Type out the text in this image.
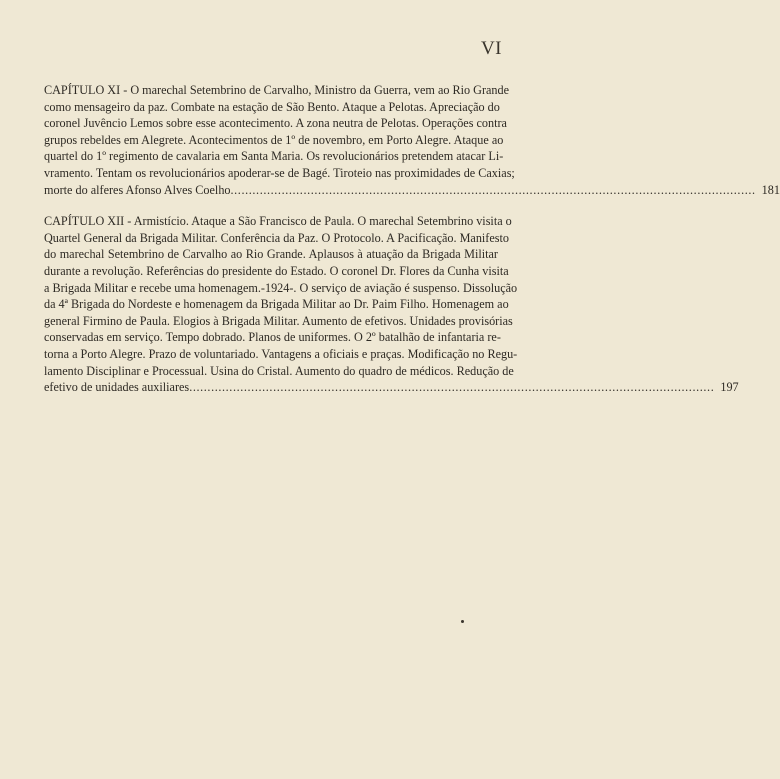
VI
CAPÍTULO XI - O marechal Setembrino de Carvalho, Ministro da Guerra, vem ao Rio Grande
como mensageiro da paz. Combate na estação de São Bento. Ataque a Pelotas. Apreciação do
coronel Juvêncio Lemos sobre esse acontecimento. A zona neutra de Pelotas. Operações contra
grupos rebeldes em Alegrete. Acontecimentos de 1º de novembro, em Porto Alegre. Ataque ao
quartel do 1º regimento de cavalaria em Santa Maria. Os revolucionários pretendem atacar Li-
vramento. Tentam os revolucionários apoderar-se de Bagé. Tiroteio nas proximidades de Caxias;
morte do alferes Afonso Alves Coelho ................................................................................................................................................ 181
CAPÍTULO XII - Armistício. Ataque a São Francisco de Paula. O marechal Setembrino visita o
Quartel General da Brigada Militar. Conferência da Paz. O Protocolo. A Pacificação. Manifesto
do marechal Setembrino de Carvalho ao Rio Grande. Aplausos à atuação da Brigada Militar
durante a revolução. Referências do presidente do Estado. O coronel Dr. Flores da Cunha visita
a Brigada Militar e recebe uma homenagem.-1924-. O serviço de aviação é suspenso. Dissolução
da 4ª Brigada do Nordeste e homenagem da Brigada Militar ao Dr. Paim Filho. Homenagem ao
general Firmino de Paula. Elogios à Brigada Militar. Aumento de efetivos. Unidades provisórias
conservadas em serviço. Tempo dobrado. Planos de uniformes. O 2º batalhão de infantaria re-
torna a Porto Alegre. Prazo de voluntariado. Vantagens a oficiais e praças. Modificação no Regu-
lamento Disciplinar e Processual. Usina do Cristal. Aumento do quadro de médicos. Redução de
efetivo de unidades auxiliares ................................................................................................................................................ 197
